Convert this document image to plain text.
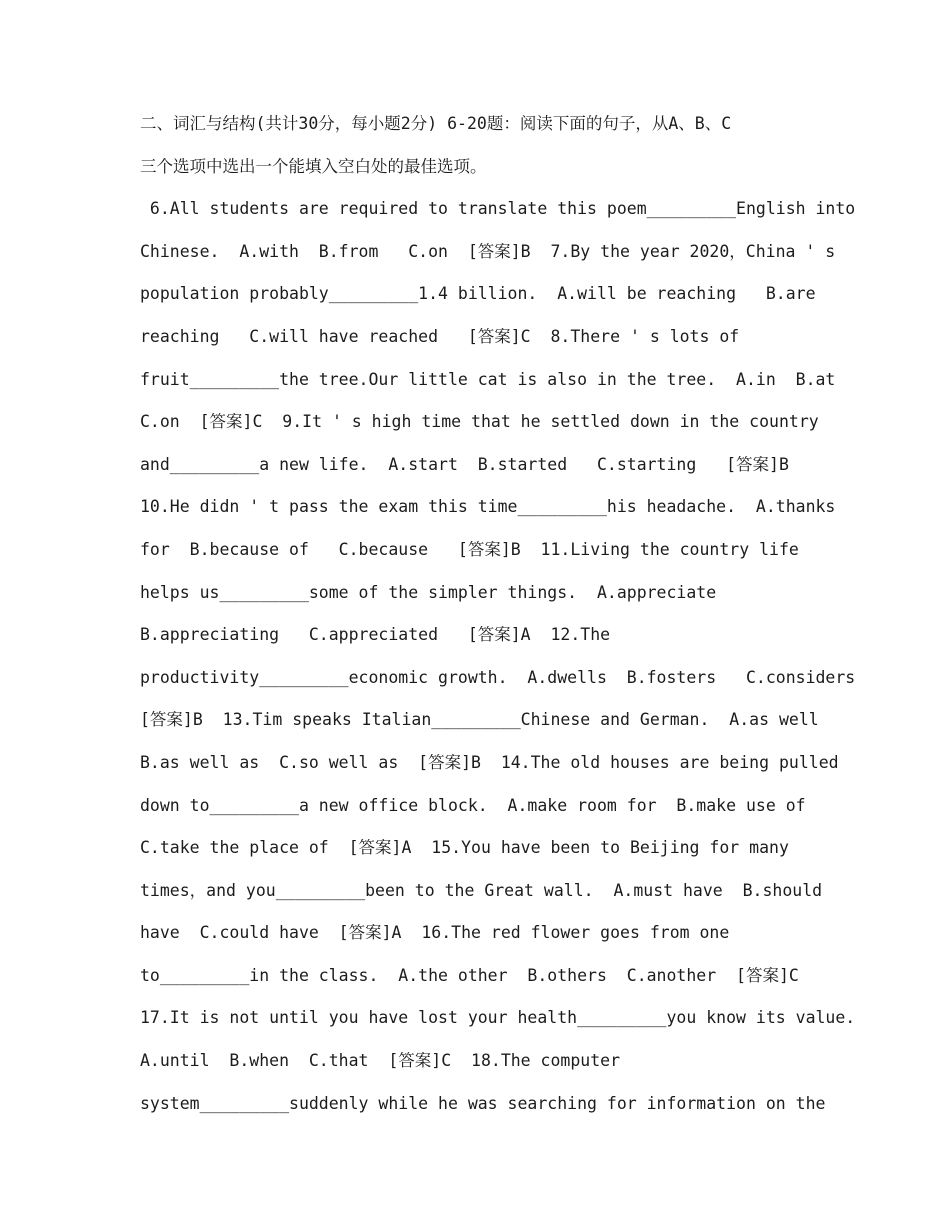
二、词汇与结构(共计30分，每小题2分) 6-20题：阅读下面的句子，从A、B、C
三个选项中选出一个能填入空白处的最佳选项。
6.All students are required to translate this poem_________English into
Chinese.  A.with  B.from   C.on  [答案]B  7.By the year 2020，China ' s
population probably_________1.4 billion.  A.will be reaching   B.are
reaching   C.will have reached   [答案]C  8.There ' s lots of
fruit_________the tree.Our little cat is also in the tree.  A.in  B.at
C.on  [答案]C  9.It ' s high time that he settled down in the country
and_________a new life.  A.start  B.started   C.starting   [答案]B
10.He didn ' t pass the exam this time_________his headache.  A.thanks
for  B.because of   C.because   [答案]B  11.Living the country life
helps us_________some of the simpler things.  A.appreciate
B.appreciating   C.appreciated   [答案]A  12.The
productivity_________economic growth.  A.dwells  B.fosters   C.considers
[答案]B  13.Tim speaks Italian_________Chinese and German.  A.as well
B.as well as  C.so well as  [答案]B  14.The old houses are being pulled
down to_________a new office block.  A.make room for  B.make use of
C.take the place of  [答案]A  15.You have been to Beijing for many
times，and you_________been to the Great wall.  A.must have  B.should
have  C.could have  [答案]A  16.The red flower goes from one
to_________in the class.  A.the other  B.others  C.another  [答案]C
17.It is not until you have lost your health_________you know its value.
A.until  B.when  C.that  [答案]C  18.The computer
system_________suddenly while he was searching for information on the
